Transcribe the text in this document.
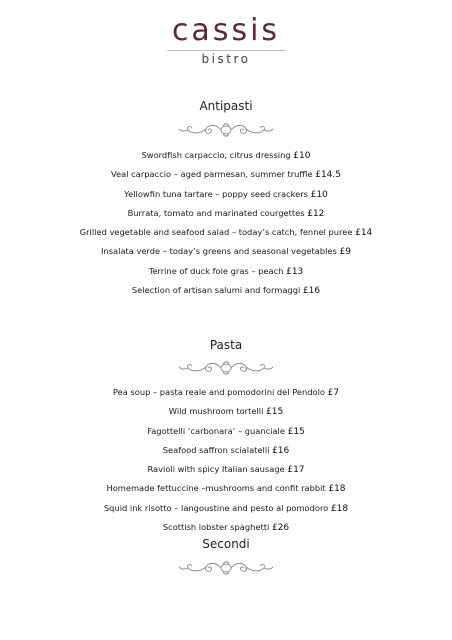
cassis
bistro
Antipasti
Swordfish carpaccio, citrus dressing £10
Veal carpaccio – aged parmesan, summer truffle £14.5
Yellowfin tuna tartare – poppy seed crackers £10
Burrata, tomato and marinated courgettes £12
Grilled vegetable and seafood salad – today’s catch, fennel puree £14
Insalata verde – today’s greens and seasonal vegetables £9
Terrine of duck foie gras – peach £13
Selection of artisan salumi and formaggi £16
Pasta
Pea soup – pasta reale and pomodorini del Pendolo £7
Wild mushroom tortelli £15
Fagottelli ‘carbonara’ – guanciale £15
Seafood saffron scialatelli £16
Ravioli with spicy Italian sausage £17
Homemade fettuccine –mushrooms and confit rabbit £18
Squid ink risotto – langoustine and pesto al pomodoro £18
Scottish lobster spaghetti £26
Secondi
